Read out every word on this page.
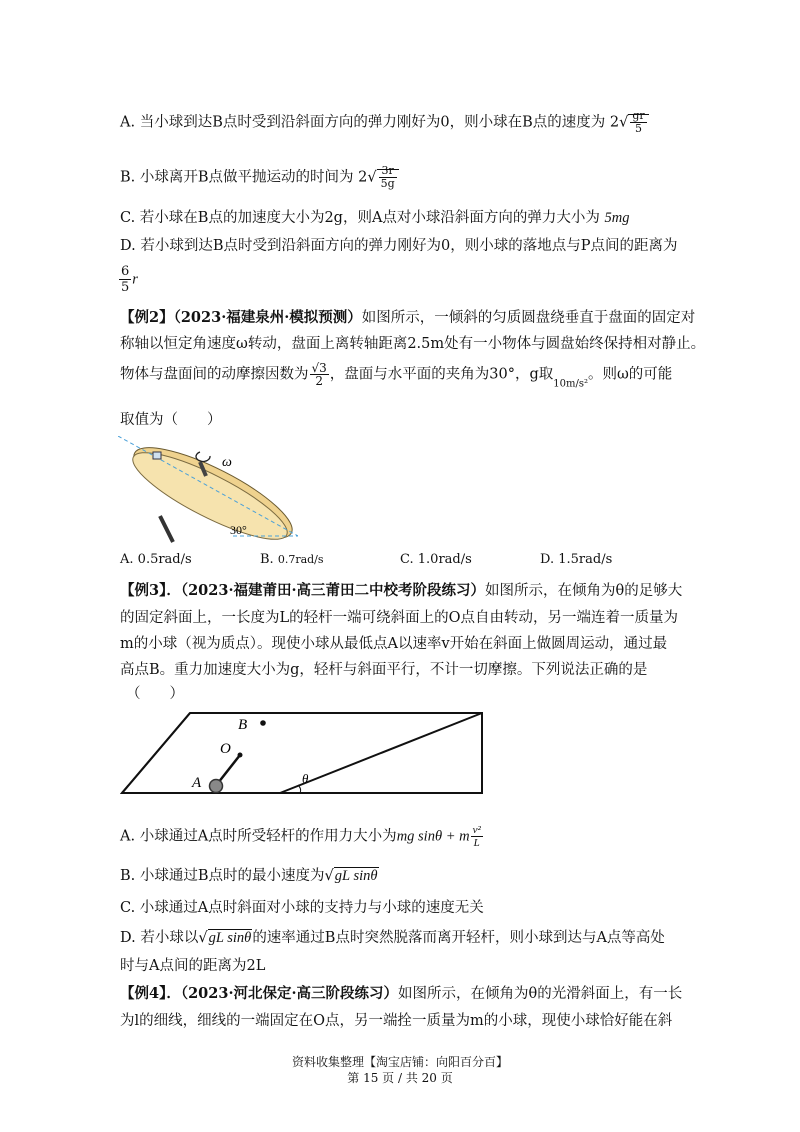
A. 当小球到达B点时受到沿斜面方向的弹力刚好为0，则小球在B点的速度为 $2√ \frac{gr}{5}$
B. 小球离开B点做平抛运动的时间为 $2√ \frac{3r}{5g}$
C. 若小球在B点的加速度大小为2g，则A点对小球沿斜面方向的弹力大小为 5mg
D. 若小球到达B点时受到沿斜面方向的弹力刚好为0，则小球的落地点与P点间的距离为
$\frac{6}{5}$ r
【例2】（2023·福建泉州·模拟预测）如图所示，一倾斜的匀质圆盘绕垂直于盘面的固定对
称轴以恒定角速度ω转动，盘面上离转轴距离2.5m处有一小物体与圆盘始终保持相对静止。
物体与盘面间的动摩擦因数为 $\frac{√3}{2}$ ，盘面与水平面的夹角为30°，g取$_{10m/s^2}$。则ω的可能
取值为（　　）
ω
30°
A. 0.5rad/s	B. 0.7rad/s	C. 1.0rad/s	D. 1.5rad/s
【例3】．（2023·福建莆田·高三莆田二中校考阶段练习）如图所示，在倾角为θ的足够大
的固定斜面上，一长度为L的轻杆一端可绕斜面上的O点自由转动，另一端连着一质量为
m的小球（视为质点）。现使小球从最低点A以速率v开始在斜面上做圆周运动，通过最
高点B。重力加速度大小为g，轻杆与斜面平行，不计一切摩擦。下列说法正确的是
（　　）
B
O
A	θ
A. 小球通过A点时所受轻杆的作用力大小为mg sinθ + m $\frac{\text{v²}}{L}$
B. 小球通过B点时的最小速度为√gL sinθ
C. 小球通过A点时斜面对小球的支持力与小球的速度无关
D. 若小球以√gL sinθ的速率通过B点时突然脱落而离开轻杆，则小球到达与A点等高处
时与A点间的距离为2L
【例4】．（2023·河北保定·高三阶段练习）如图所示，在倾角为θ的光滑斜面上，有一长
为l的细线，细线的一端固定在O点，另一端拴一质量为m的小球，现使小球恰好能在斜
资料收集整理【淘宝店铺：向阳百分百】
第 15 页 / 共 20 页
